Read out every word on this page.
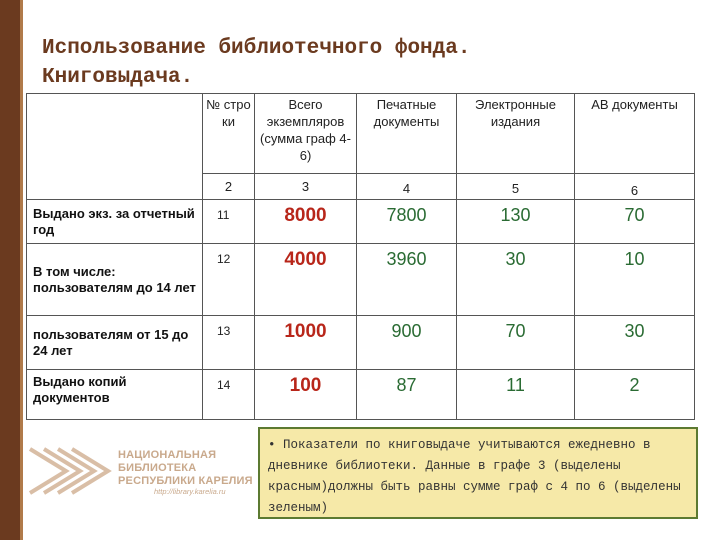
Использование библиотечного фонда.
Книговыдача.
	№ стро ки	Всего экземпляров (сумма граф 4-6)	Печатные документы	Электронные издания	АВ документы
	2	3	4	5	6
Выдано экз. за отчетный год	11	8000	7800	130	70
В том числе: пользователям до 14 лет	12	4000	3960	30	10
пользователям от 15 до 24 лет	13	1000	900	70	30
Выдано копий документов	14	100	87	11	2
НАЦИОНАЛЬНАЯ БИБЛИОТЕКА
РЕСПУБЛИКИ КАРЕЛИЯ
http://library.karelia.ru
• Показатели по книговыдаче учитываются ежедневно в дневнике библиотеки. Данные в графе 3 (выделены красным)должны быть равны сумме граф с 4 по 6 (выделены зеленым)
